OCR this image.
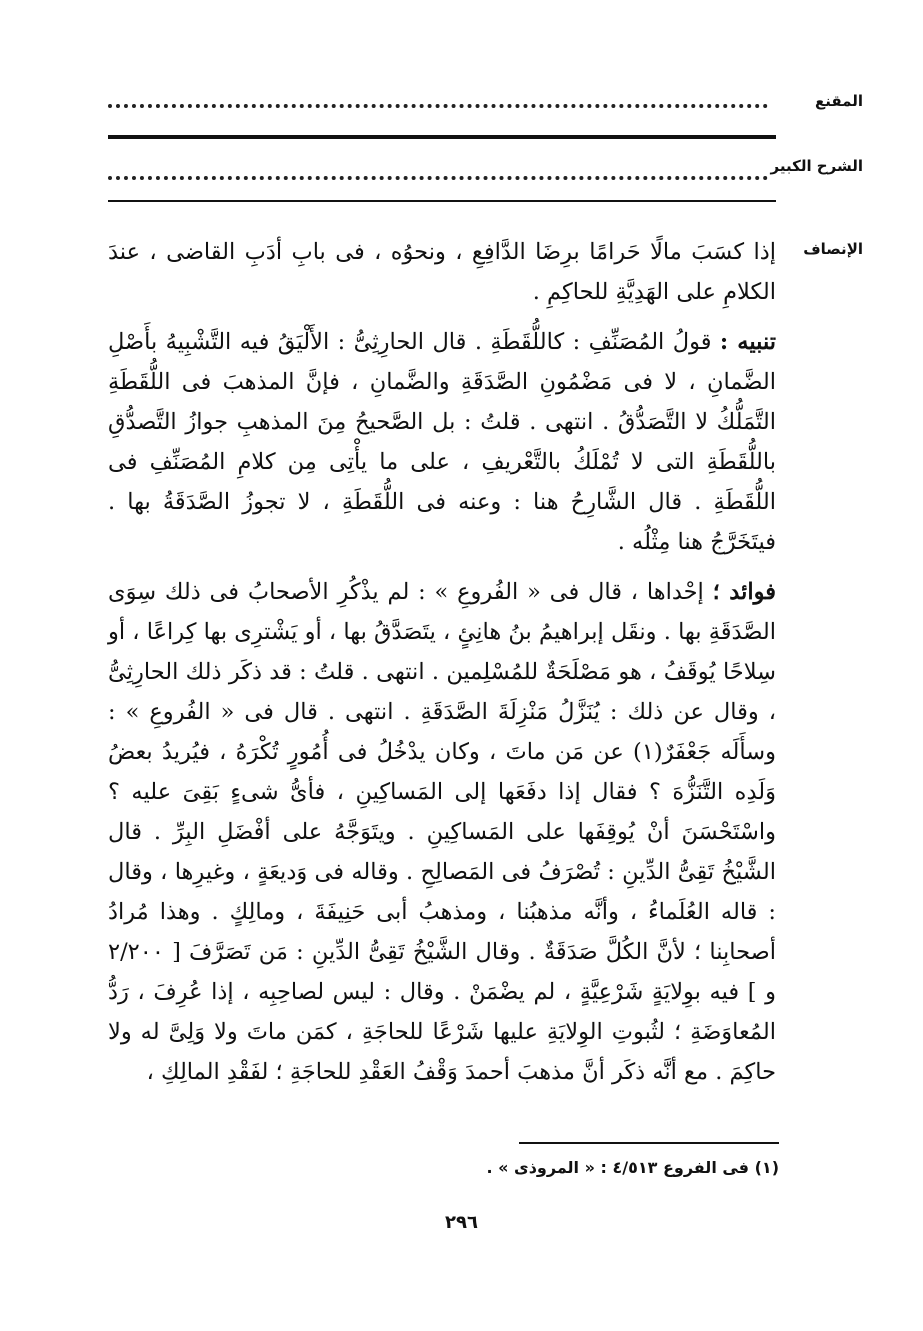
المقنع
الشرح الكبير
الإنصاف

إذا كسَبَ مالًا حَرامًا برِضَا الدَّافِعِ ، ونحوُه ، فى بابِ أدَبِ القاضى ، عندَ الكلامِ على الهَدِيَّةِ للحاكِمِ .

تنبيه : قولُ المُصَنِّفِ : كاللُّقَطَةِ . قال الحارِثِىُّ : الأَلْيَقُ فيه التَّشْبِيهُ بأَصْلِ الضَّمانِ ، لا فى مَضْمُونِ الصَّدَقَةِ والضَّمانِ ، فإنَّ المذهبَ فى اللُّقَطَةِ التَّمَلُّكُ لا التَّصَدُّقُ . انتهى . قلتُ : بل الصَّحيحُ مِنَ المذهبِ جوازُ التَّصدُّقِ باللُّقَطَةِ التى لا تُمْلَكُ بالتَّعْريفِ ، على ما يأْتِى مِن كلامِ المُصَنِّفِ فى اللُّقَطَةِ . قال الشَّارِحُ هنا : وعنه فى اللُّقَطَةِ ، لا تجوزُ الصَّدَقَةُ بها . فيتَخَرَّجُ هنا مِثْلُه .

فوائد ؛ إحْداها ، قال فى « الفُروعِ » : لم يذْكُرِ الأصحابُ فى ذلك سِوَى الصَّدَقَةِ بها . ونقَل إبراهيمُ بنُ هانِئٍ ، يتَصَدَّقُ بها ، أو يَشْترِى بها كِراعًا ، أو سِلاحًا يُوقَفُ ، هو مَصْلَحَةٌ للمُسْلِمين . انتهى . قلتُ : قد ذكَر ذلك الحارِثِىُّ ، وقال عن ذلك : يُنَزَّلُ مَنْزِلَةَ الصَّدَقَةِ . انتهى . قال فى « الفُروعِ » : وسأَلَه جَعْفَرٌ(١) عن مَن ماتَ ، وكان يدْخُلُ فى أُمُورٍ تُكْرَهُ ، فيُريدُ بعضُ وَلَدِه التَّنَزُّهَ ؟ فقال إذا دفَعَها إلى المَساكِينِ ، فأىُّ شىءٍ بَقِىَ عليه ؟ واسْتَحْسَنَ أنْ يُوقِفَها على المَساكِينِ . ويتَوَجَّهُ على أفْضَلِ البِرِّ . قال الشَّيْخُ تَقِىُّ الدِّينِ : تُصْرَفُ فى المَصالِحِ . وقاله فى وَديعَةٍ ، وغيرِها ، وقال : قاله العُلَماءُ ، وأنَّه مذهبُنا ، ومذهبُ أبى حَنِيفَةَ ، ومالِكٍ . وهذا مُرادُ أصحابِنا ؛ لأنَّ الكُلَّ صَدَقَةٌ . وقال الشَّيْخُ تَقِىُّ الدِّينِ : مَن تَصَرَّفَ [ ٢/٢٠٠ و ] فيه بوِلايَةٍ شَرْعِيَّةٍ ، لم يضْمَنْ . وقال : ليس لصاحِبِه ، إذا عُرِفَ ، رَدُّ المُعاوَضَةِ ؛ لثُبوتِ الوِلايَةِ عليها شَرْعًا للحاجَةِ ، كمَن ماتَ ولا وَلِىَّ له ولا حاكِمَ . مع أنَّه ذكَر أنَّ مذهبَ أحمدَ وَقْفُ العَقْدِ للحاجَةِ ؛ لفَقْدِ المالِكِ ،

(١) فى الفروع ٤/٥١٣ : « المروذى » .
٢٩٦
